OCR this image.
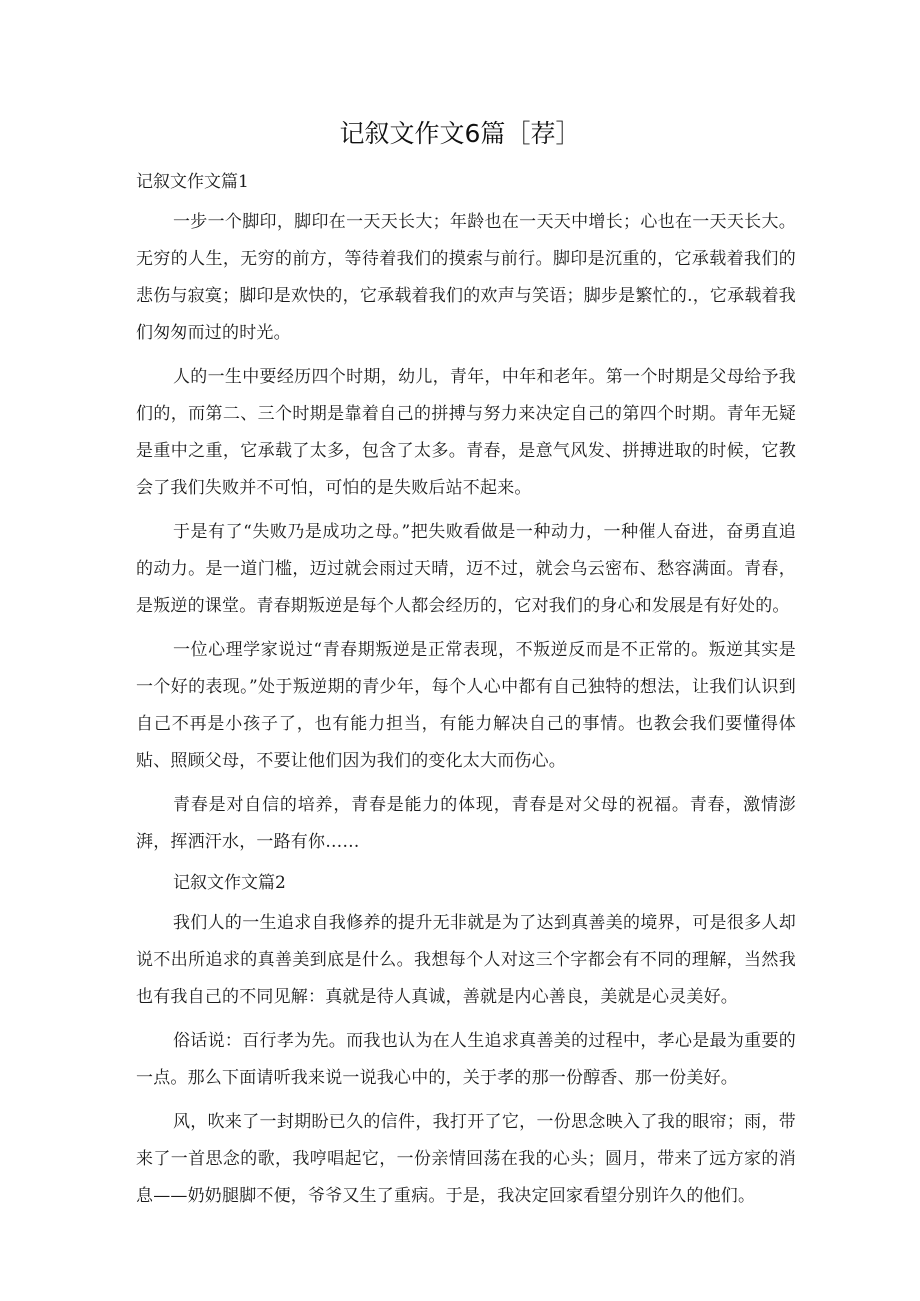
记叙文作文6篇［荐］
记叙文作文篇1

一步一个脚印，脚印在一天天长大；年龄也在一天天中增长；心也在一天天长大。无穷的人生，无穷的前方，等待着我们的摸索与前行。脚印是沉重的，它承载着我们的悲伤与寂寞；脚印是欢快的，它承载着我们的欢声与笑语；脚步是繁忙的.，它承载着我们匆匆而过的时光。

人的一生中要经历四个时期，幼儿，青年，中年和老年。第一个时期是父母给予我们的，而第二、三个时期是靠着自己的拼搏与努力来决定自己的第四个时期。青年无疑是重中之重，它承载了太多，包含了太多。青春，是意气风发、拼搏进取的时候，它教会了我们失败并不可怕，可怕的是失败后站不起来。

于是有了“失败乃是成功之母。”把失败看做是一种动力，一种催人奋进，奋勇直追的动力。是一道门槛，迈过就会雨过天晴，迈不过，就会乌云密布、愁容满面。青春，是叛逆的课堂。青春期叛逆是每个人都会经历的，它对我们的身心和发展是有好处的。

一位心理学家说过“青春期叛逆是正常表现，不叛逆反而是不正常的。叛逆其实是一个好的表现。”处于叛逆期的青少年，每个人心中都有自己独特的想法，让我们认识到自己不再是小孩子了，也有能力担当，有能力解决自己的事情。也教会我们要懂得体贴、照顾父母，不要让他们因为我们的变化太大而伤心。

青春是对自信的培养，青春是能力的体现，青春是对父母的祝福。青春，激情澎湃，挥洒汗水，一路有你……

记叙文作文篇2

我们人的一生追求自我修养的提升无非就是为了达到真善美的境界，可是很多人却说不出所追求的真善美到底是什么。我想每个人对这三个字都会有不同的理解，当然我也有我自己的不同见解：真就是待人真诚，善就是内心善良，美就是心灵美好。

俗话说：百行孝为先。而我也认为在人生追求真善美的过程中，孝心是最为重要的一点。那么下面请听我来说一说我心中的，关于孝的那一份醇香、那一份美好。

风，吹来了一封期盼已久的信件，我打开了它，一份思念映入了我的眼帘；雨，带来了一首思念的歌，我哼唱起它，一份亲情回荡在我的心头；圆月，带来了远方家的消息——奶奶腿脚不便，爷爷又生了重病。于是，我决定回家看望分别许久的他们。
